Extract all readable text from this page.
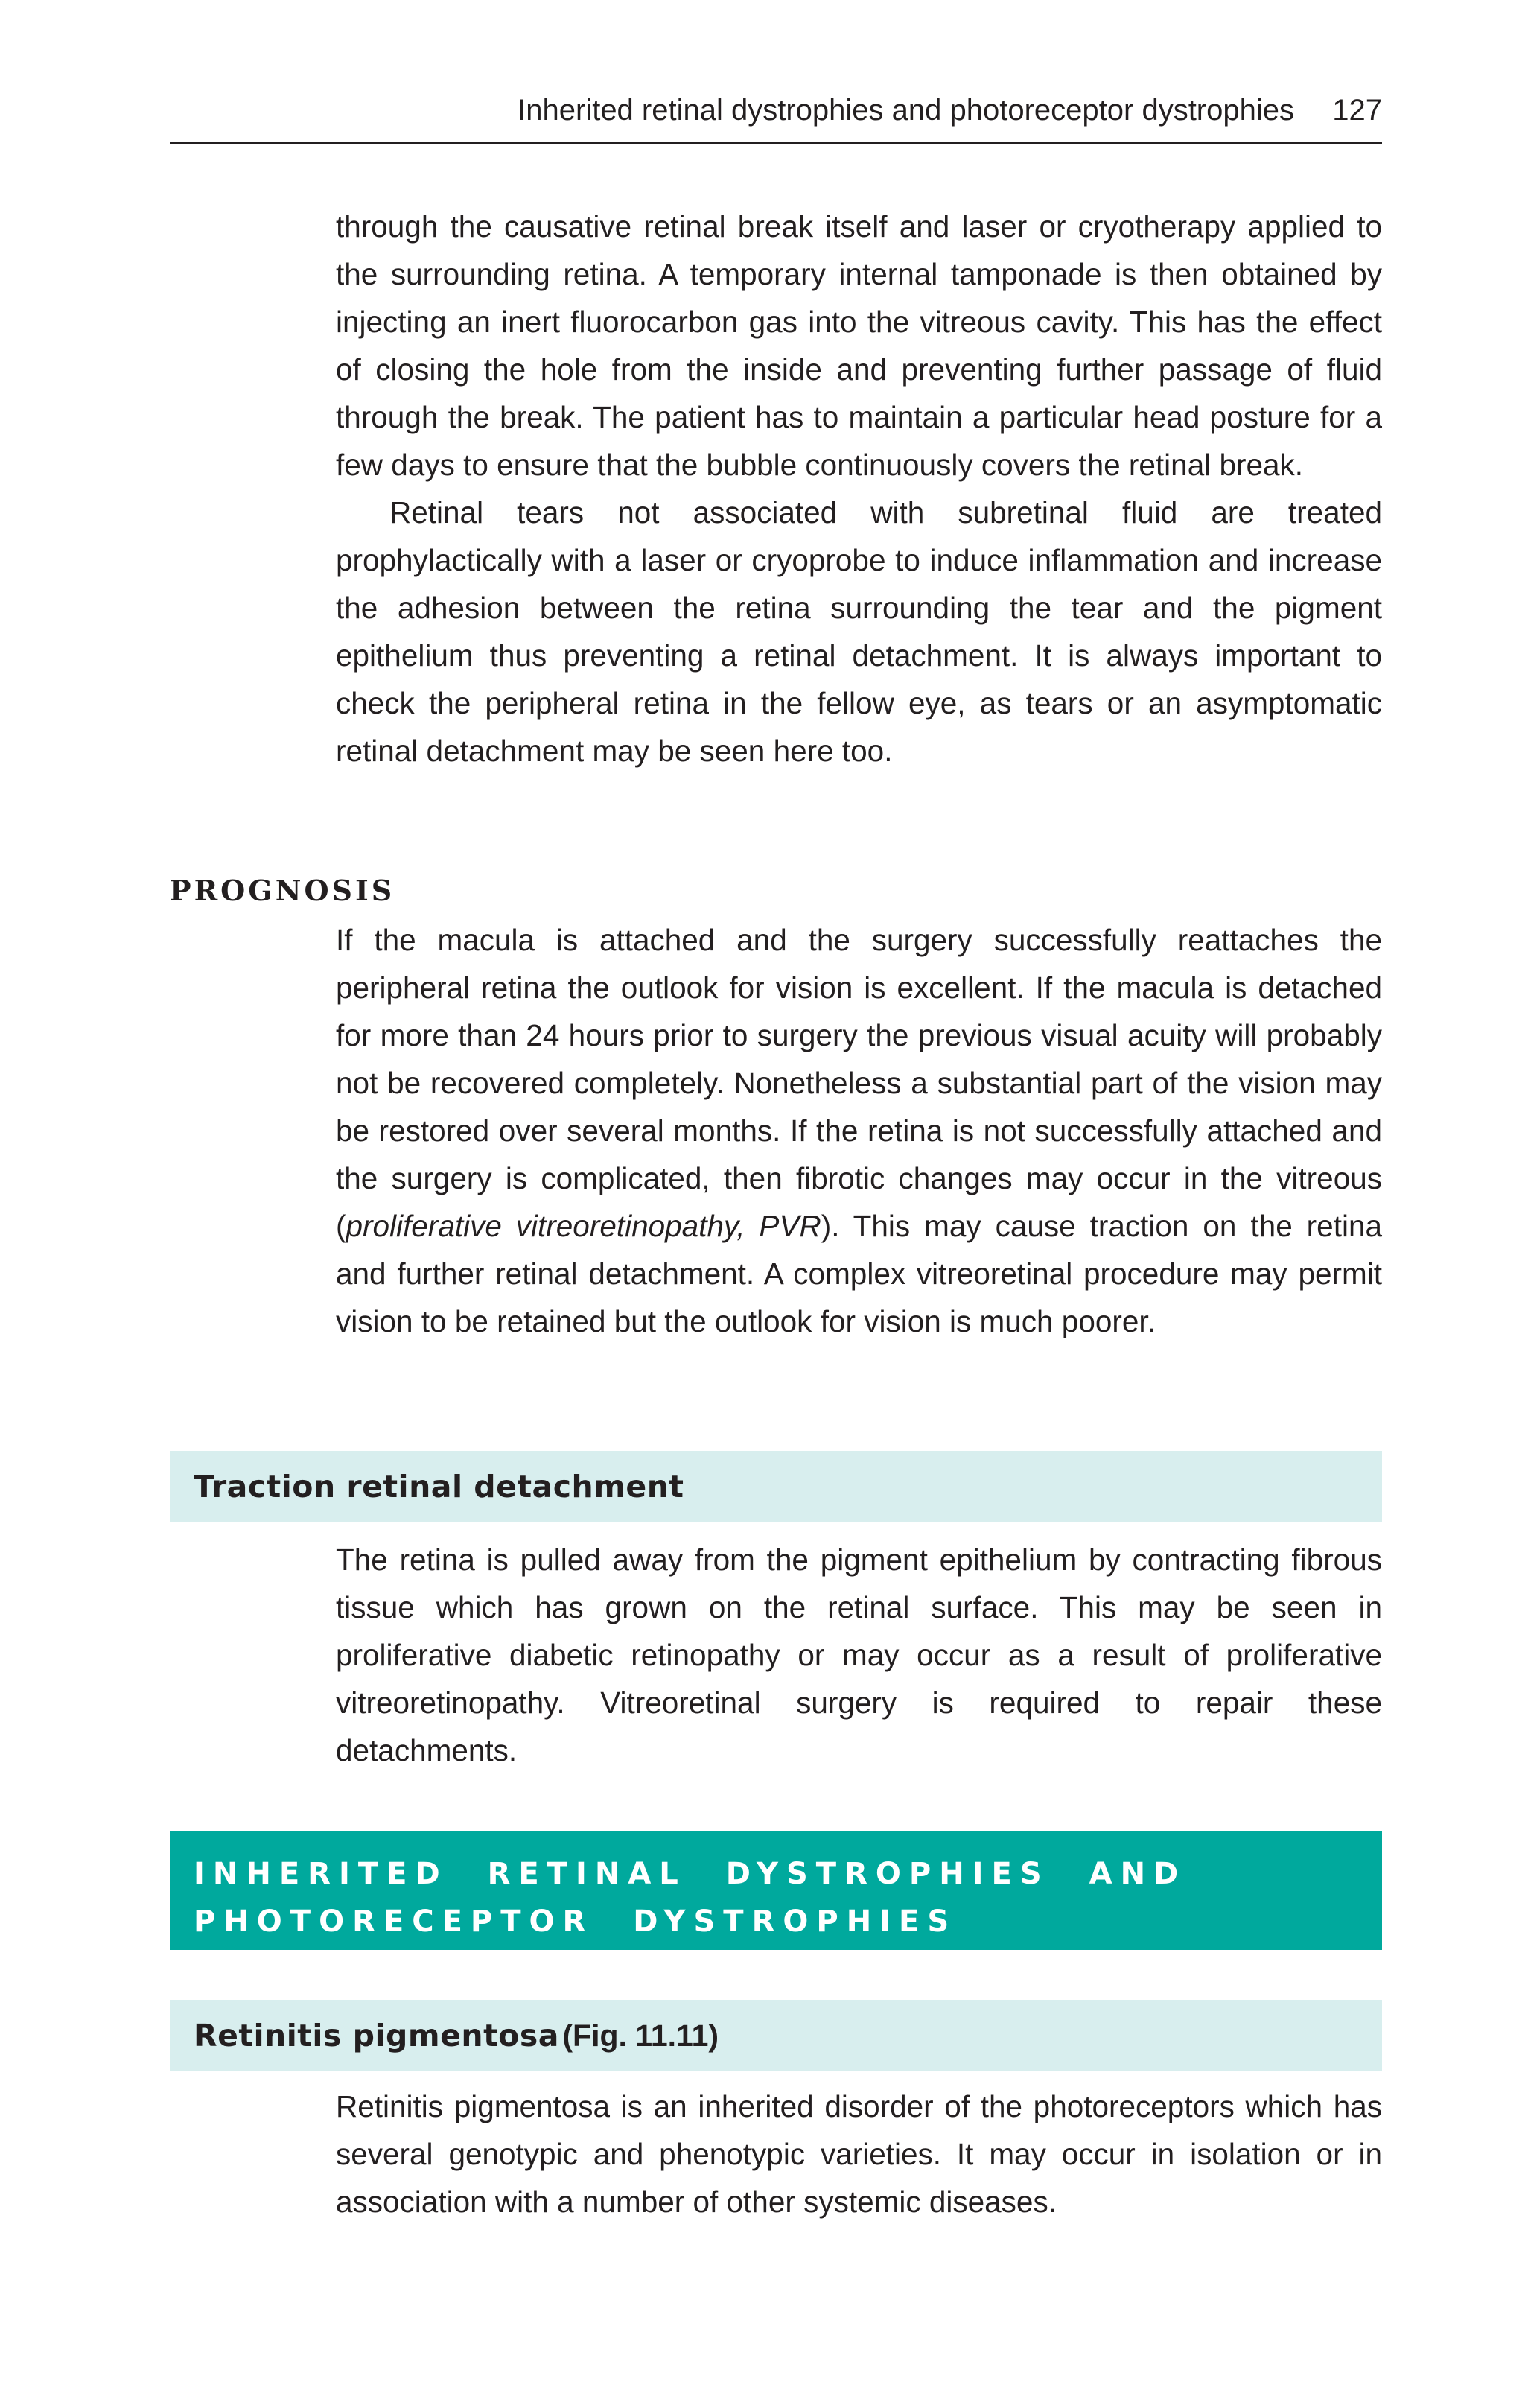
Inherited retinal dystrophies and photoreceptor dystrophies 127

through the causative retinal break itself and laser or cryotherapy applied to the surrounding retina. A temporary internal tamponade is then obtained by injecting an inert fluorocarbon gas into the vitreous cavity. This has the effect of closing the hole from the inside and preventing further passage of fluid through the break. The patient has to maintain a particular head posture for a few days to ensure that the bubble continuously covers the retinal break.

Retinal tears not associated with subretinal fluid are treated prophylactically with a laser or cryoprobe to induce inflammation and increase the adhesion between the retina surrounding the tear and the pigment epithelium thus preventing a retinal detachment. It is always important to check the peripheral retina in the fellow eye, as tears or an asymptomatic retinal detachment may be seen here too.

PROGNOSIS

If the macula is attached and the surgery successfully reattaches the peripheral retina the outlook for vision is excellent. If the macula is detached for more than 24 hours prior to surgery the previous visual acuity will probably not be recovered completely. Nonetheless a substantial part of the vision may be restored over several months. If the retina is not successfully attached and the surgery is complicated, then fibrotic changes may occur in the vitreous (proliferative vitreoretinopathy, PVR). This may cause traction on the retina and further retinal detachment. A complex vitreoretinal procedure may permit vision to be retained but the outlook for vision is much poorer.

Traction retinal detachment

The retina is pulled away from the pigment epithelium by contracting fibrous tissue which has grown on the retinal surface. This may be seen in proliferative diabetic retinopathy or may occur as a result of proliferative vitreoretinopathy. Vitreoretinal surgery is required to repair these detachments.

INHERITED RETINAL DYSTROPHIES AND
PHOTORECEPTOR DYSTROPHIES
Retinitis pigmentosa
(Fig. 11.11)

Retinitis pigmentosa is an inherited disorder of the photoreceptors which has several genotypic and phenotypic varieties. It may occur in isolation or in association with a number of other systemic diseases.
